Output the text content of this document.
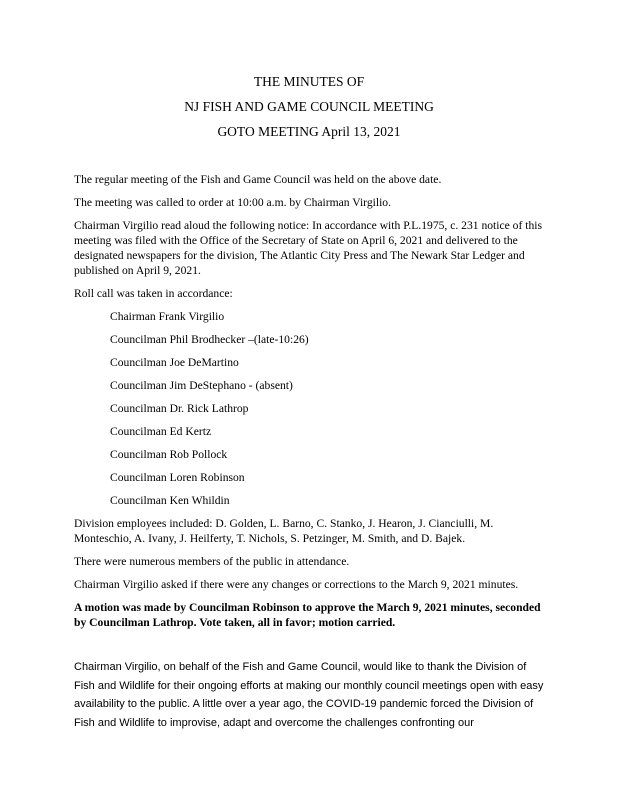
THE MINUTES OF
NJ FISH AND GAME COUNCIL MEETING
GOTO MEETING April 13, 2021

The regular meeting of the Fish and Game Council was held on the above date.

The meeting was called to order at 10:00 a.m. by Chairman Virgilio.

Chairman Virgilio read aloud the following notice: In accordance with P.L.1975, c. 231 notice of this meeting was filed with the Office of the Secretary of State on April 6, 2021 and delivered to the designated newspapers for the division, The Atlantic City Press and The Newark Star Ledger and published on April 9, 2021.

Roll call was taken in accordance:

Chairman Frank Virgilio

Councilman Phil Brodhecker –(late-10:26)

Councilman Joe DeMartino

Councilman Jim DeStephano - (absent)

Councilman Dr. Rick Lathrop

Councilman Ed Kertz

Councilman Rob Pollock

Councilman Loren Robinson

Councilman Ken Whildin

Division employees included: D. Golden, L. Barno, C. Stanko, J. Hearon, J. Cianciulli, M. Monteschio, A. Ivany, J. Heilferty, T. Nichols, S. Petzinger, M. Smith, and D. Bajek.

There were numerous members of the public in attendance.

Chairman Virgilio asked if there were any changes or corrections to the March 9, 2021 minutes.

A motion was made by Councilman Robinson to approve the March 9, 2021 minutes, seconded by Councilman Lathrop. Vote taken, all in favor; motion carried.

Chairman Virgilio, on behalf of the Fish and Game Council, would like to thank the Division of Fish and Wildlife for their ongoing efforts at making our monthly council meetings open with easy availability to the public. A little over a year ago, the COVID-19 pandemic forced the Division of Fish and Wildlife to improvise, adapt and overcome the challenges confronting our
